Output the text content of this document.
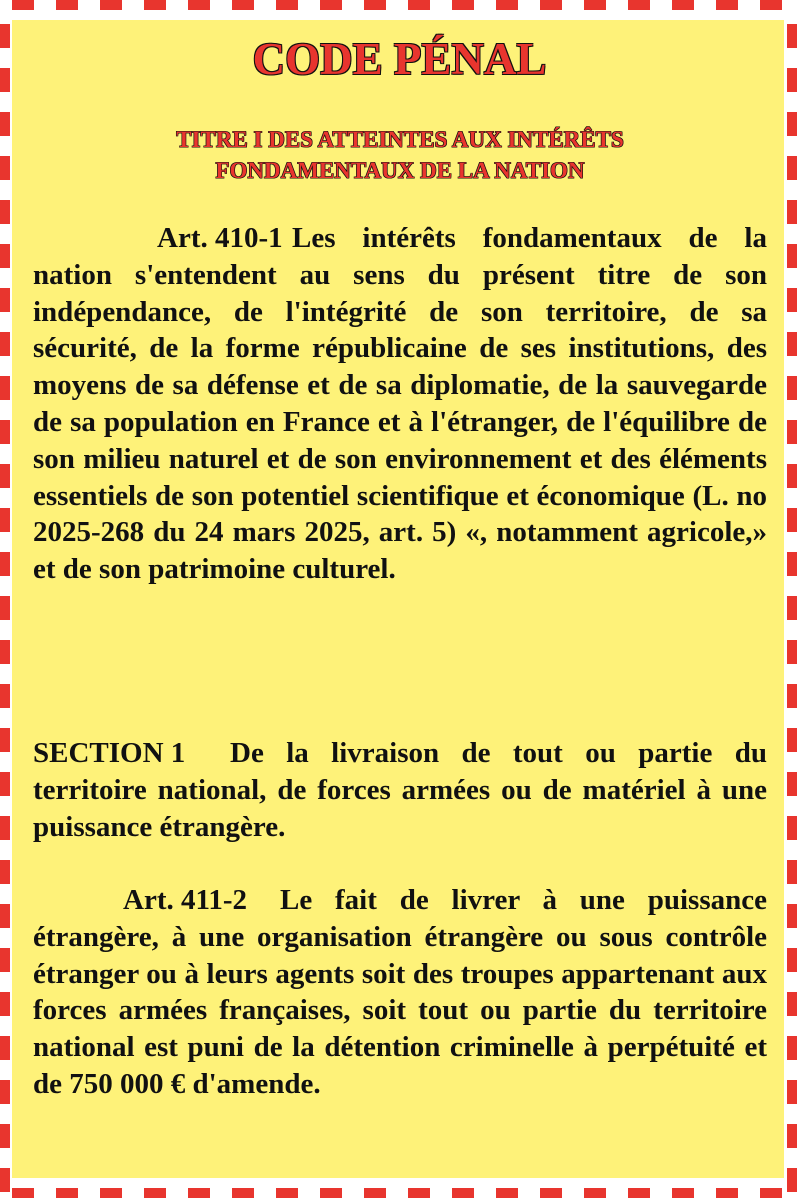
CODE PÉNAL
TITRE I DES ATTEINTES AUX INTÉRÊTS
FONDAMENTAUX DE LA NATION

Art. 410-1 Les intérêts fondamentaux de la nation s'entendent au sens du présent titre de son indépendance, de l'intégrité de son territoire, de sa sécurité, de la forme républicaine de ses institutions, des moyens de sa défense et de sa diplomatie, de la sauvegarde de sa population en France et à l'étranger, de l'équilibre de son milieu naturel et de son environnement et des éléments essentiels de son potentiel scientifique et économique (L. no 2025-268 du 24 mars 2025, art. 5) «, notamment agricole,» et de son patrimoine culturel.

SECTION 1 De la livraison de tout ou partie du territoire national, de forces armées ou de matériel à une puissance étrangère.

Art. 411-2 Le fait de livrer à une puissance étrangère, à une organisation étrangère ou sous contrôle étranger ou à leurs agents soit des troupes appartenant aux forces armées françaises, soit tout ou partie du territoire national est puni de la détention criminelle à perpétuité et de 750 000 € d'amende.
